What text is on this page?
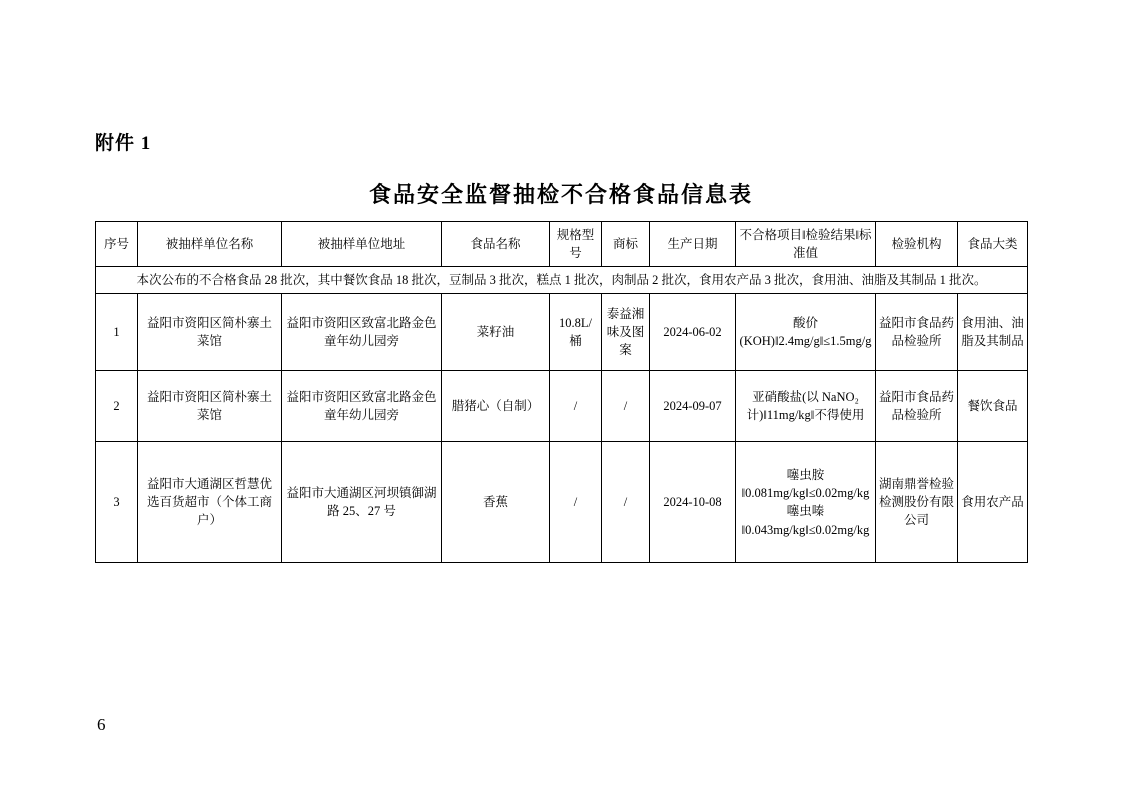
附件 1
食品安全监督抽检不合格食品信息表
本次公布的不合格食品 28 批次，其中餐饮食品 18 批次，豆制品 3 批次，糕点 1 批次，肉制品 2 批次，食用农产品 3 批次，食用油、油脂及其制品 1 批次。									
序号	被抽样单位名称	被抽样单位地址	食品名称	规格型号	商标	生产日期	不合格项目‖检验结果‖标准值	检验机构	食品大类
1	益阳市资阳区简朴寨土菜馆	益阳市资阳区致富北路金色童年幼儿园旁	菜籽油	10.8L/桶	泰益湘味及图案	2024-06-02	酸价(KOH)‖2.4mg/g‖≤1.5mg/g	益阳市食品药品检验所	食用油、油脂及其制品
2	益阳市资阳区简朴寨土菜馆	益阳市资阳区致富北路金色童年幼儿园旁	腊猪心（自制）	/	/	2024-09-07	亚硝酸盐(以 NaNO₂ 计)‖11mg/kg‖不得使用	益阳市食品药品检验所	餐饮食品
3	益阳市大通湖区哲慧优选百货超市（个体工商户）	益阳市大通湖区河坝镇御湖路 25、27 号	香蕉	/	/	2024-10-08	噻虫胺‖0.081mg/kg‖≤0.02mg/kg 噻虫嗪‖0.043mg/kg‖≤0.02mg/kg	湖南鼎誉检验检测股份有限公司	食用农产品
6
